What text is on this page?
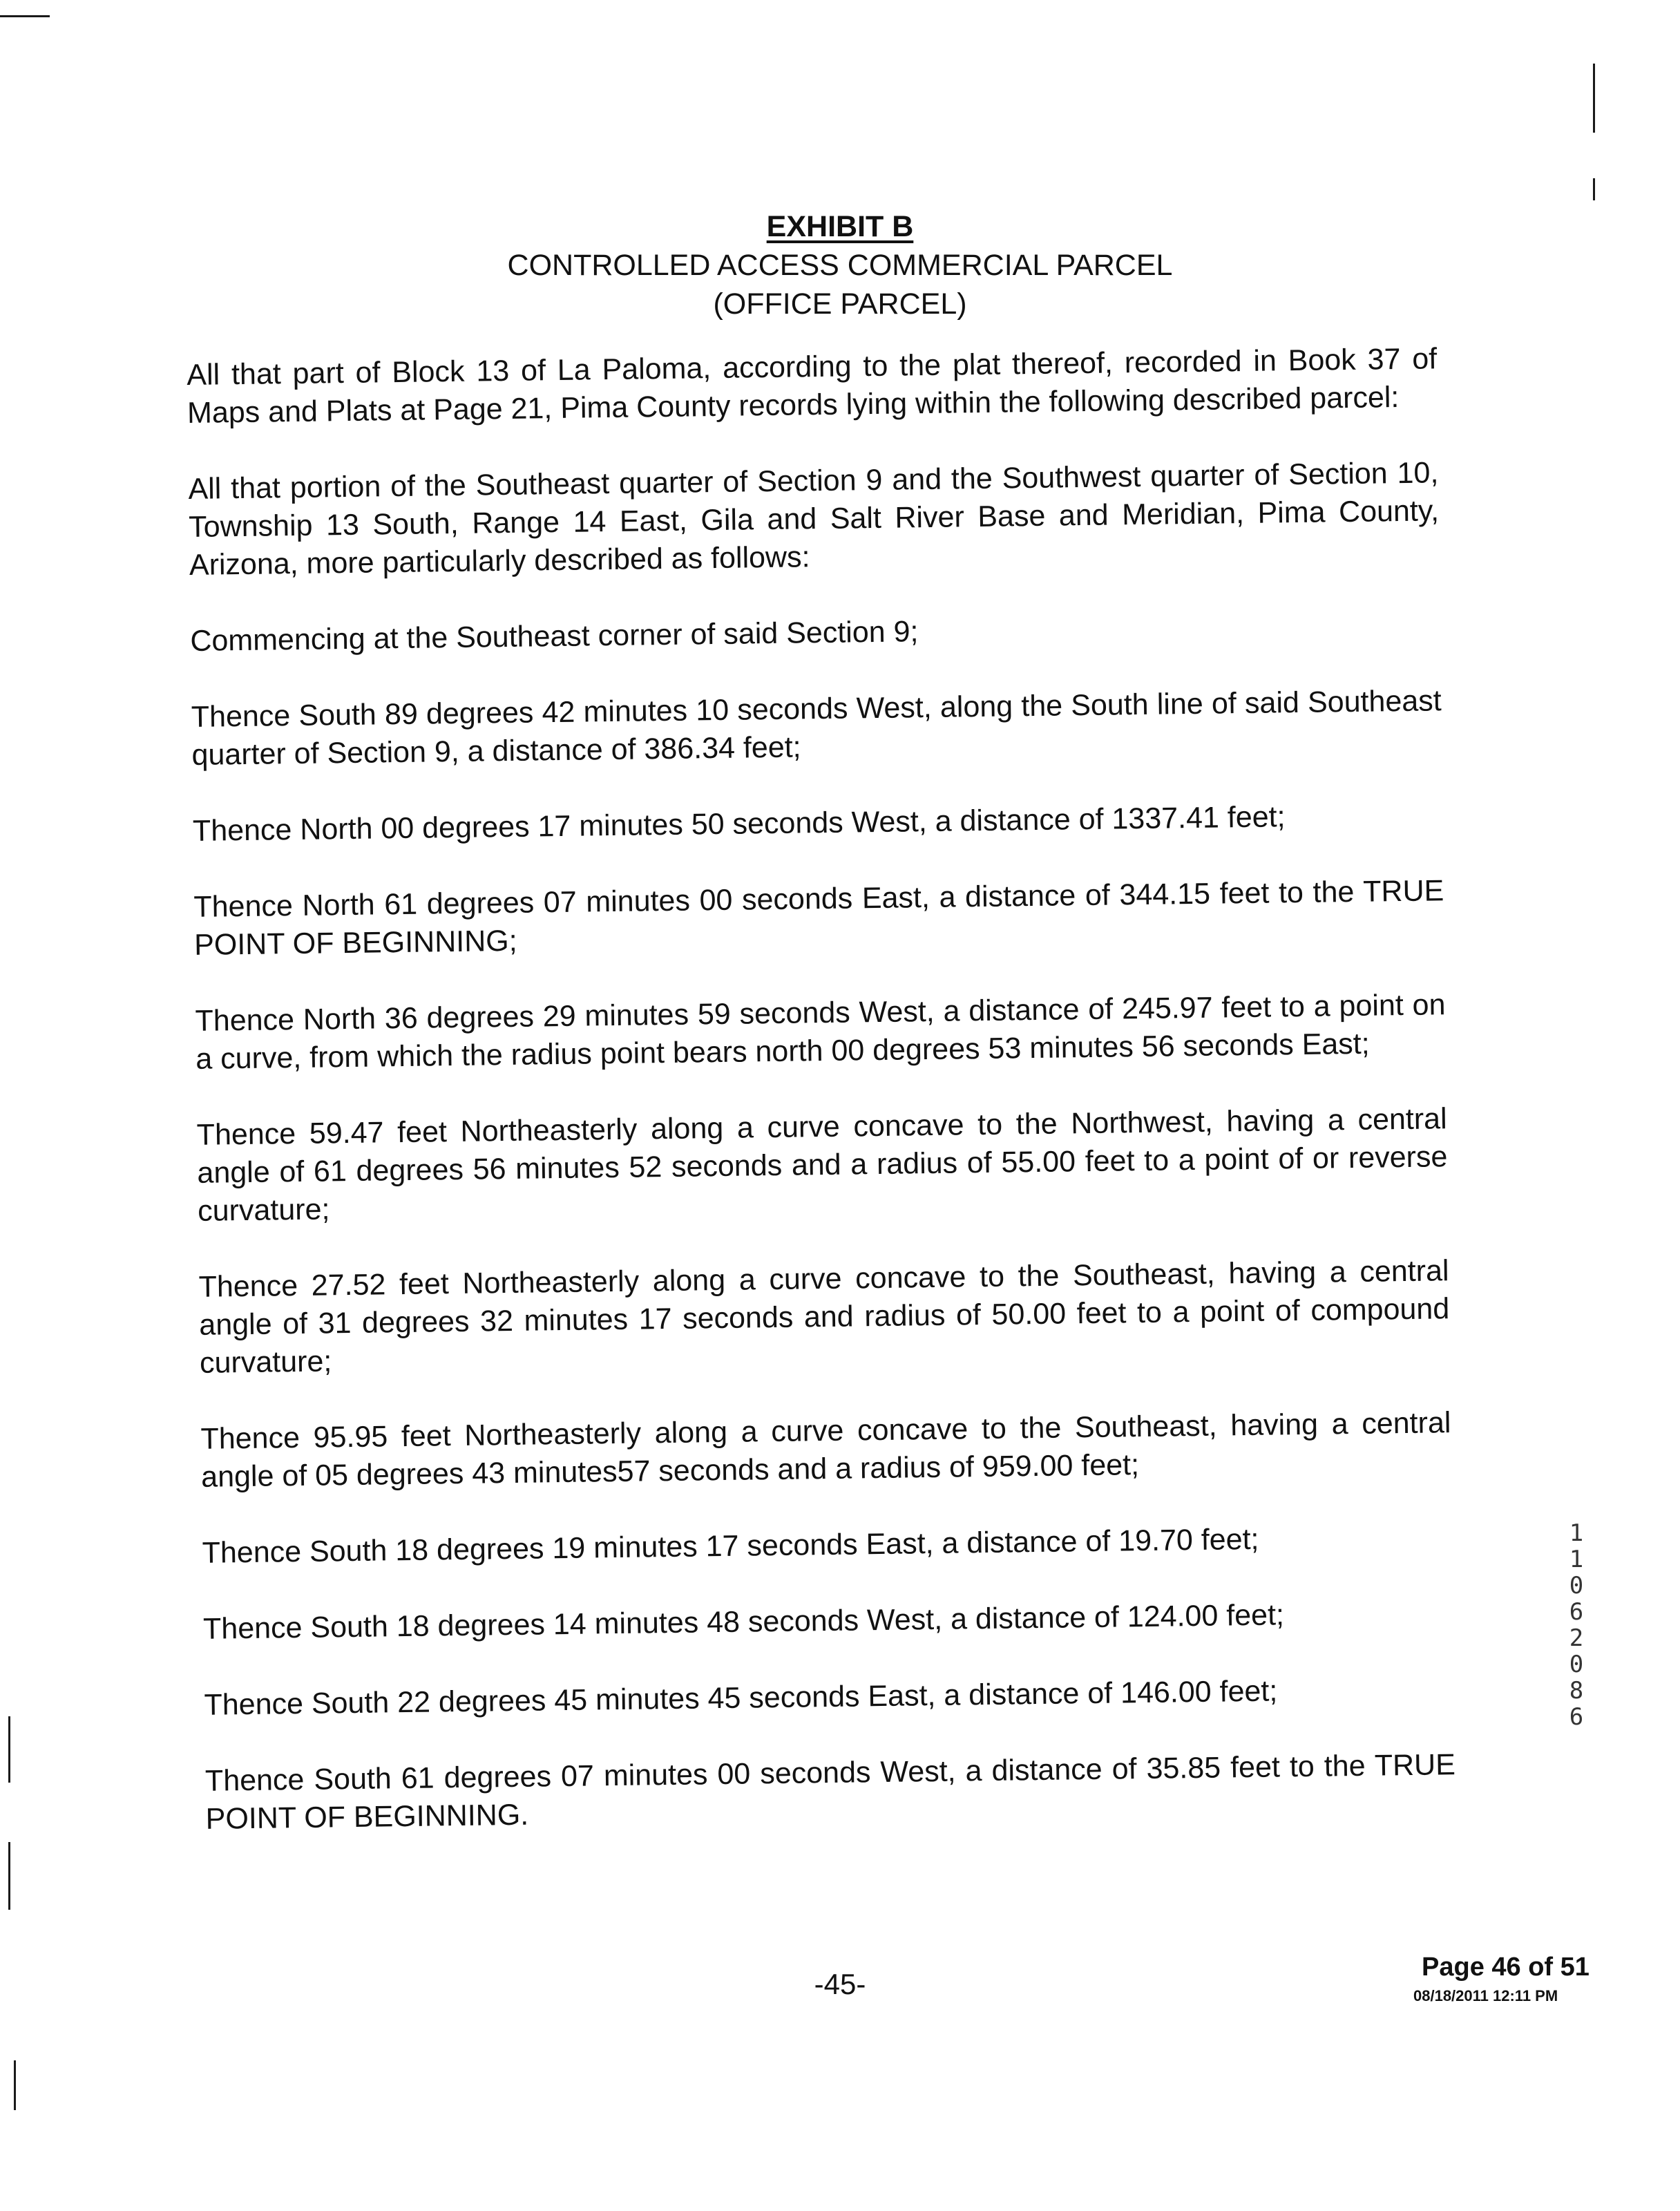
EXHIBIT B
CONTROLLED ACCESS COMMERCIAL PARCEL
(OFFICE PARCEL)

All that part of Block 13 of La Paloma, according to the plat thereof, recorded in Book 37 of Maps and Plats at Page 21, Pima County records lying within the following described parcel:

All that portion of the Southeast quarter of Section 9 and the Southwest quarter of Section 10, Township 13 South, Range 14 East, Gila and Salt River Base and Meridian, Pima County, Arizona, more particularly described as follows:

Commencing at the Southeast corner of said Section 9;

Thence South 89 degrees 42 minutes 10 seconds West, along the South line of said Southeast quarter of Section 9, a distance of 386.34 feet;

Thence North 00 degrees 17 minutes 50 seconds West, a distance of 1337.41 feet;

Thence North 61 degrees 07 minutes 00 seconds East, a distance of 344.15 feet to the TRUE POINT OF BEGINNING;

Thence North 36 degrees 29 minutes 59 seconds West, a distance of 245.97 feet to a point on a curve, from which the radius point bears north 00 degrees 53 minutes 56 seconds East;

Thence 59.47 feet Northeasterly along a curve concave to the Northwest, having a central angle of 61 degrees 56 minutes 52 seconds and a radius of 55.00 feet to a point of or reverse curvature;

Thence 27.52 feet Northeasterly along a curve concave to the Southeast, having a central angle of 31 degrees 32 minutes 17 seconds and radius of 50.00 feet to a point of compound curvature;

Thence 95.95 feet Northeasterly along a curve concave to the Southeast, having a central angle of 05 degrees 43 minutes57 seconds and a radius of 959.00 feet;

Thence South 18 degrees 19 minutes 17 seconds East, a distance of 19.70 feet;

Thence South 18 degrees 14 minutes 48 seconds West, a distance of 124.00 feet;

Thence South 22 degrees 45 minutes 45 seconds East, a distance of 146.00 feet;

Thence South 61 degrees 07 minutes 00 seconds West, a distance of 35.85 feet to the TRUE POINT OF BEGINNING.

11062086
-45-
Page 46 of 51
08/18/2011 12:11 PM
